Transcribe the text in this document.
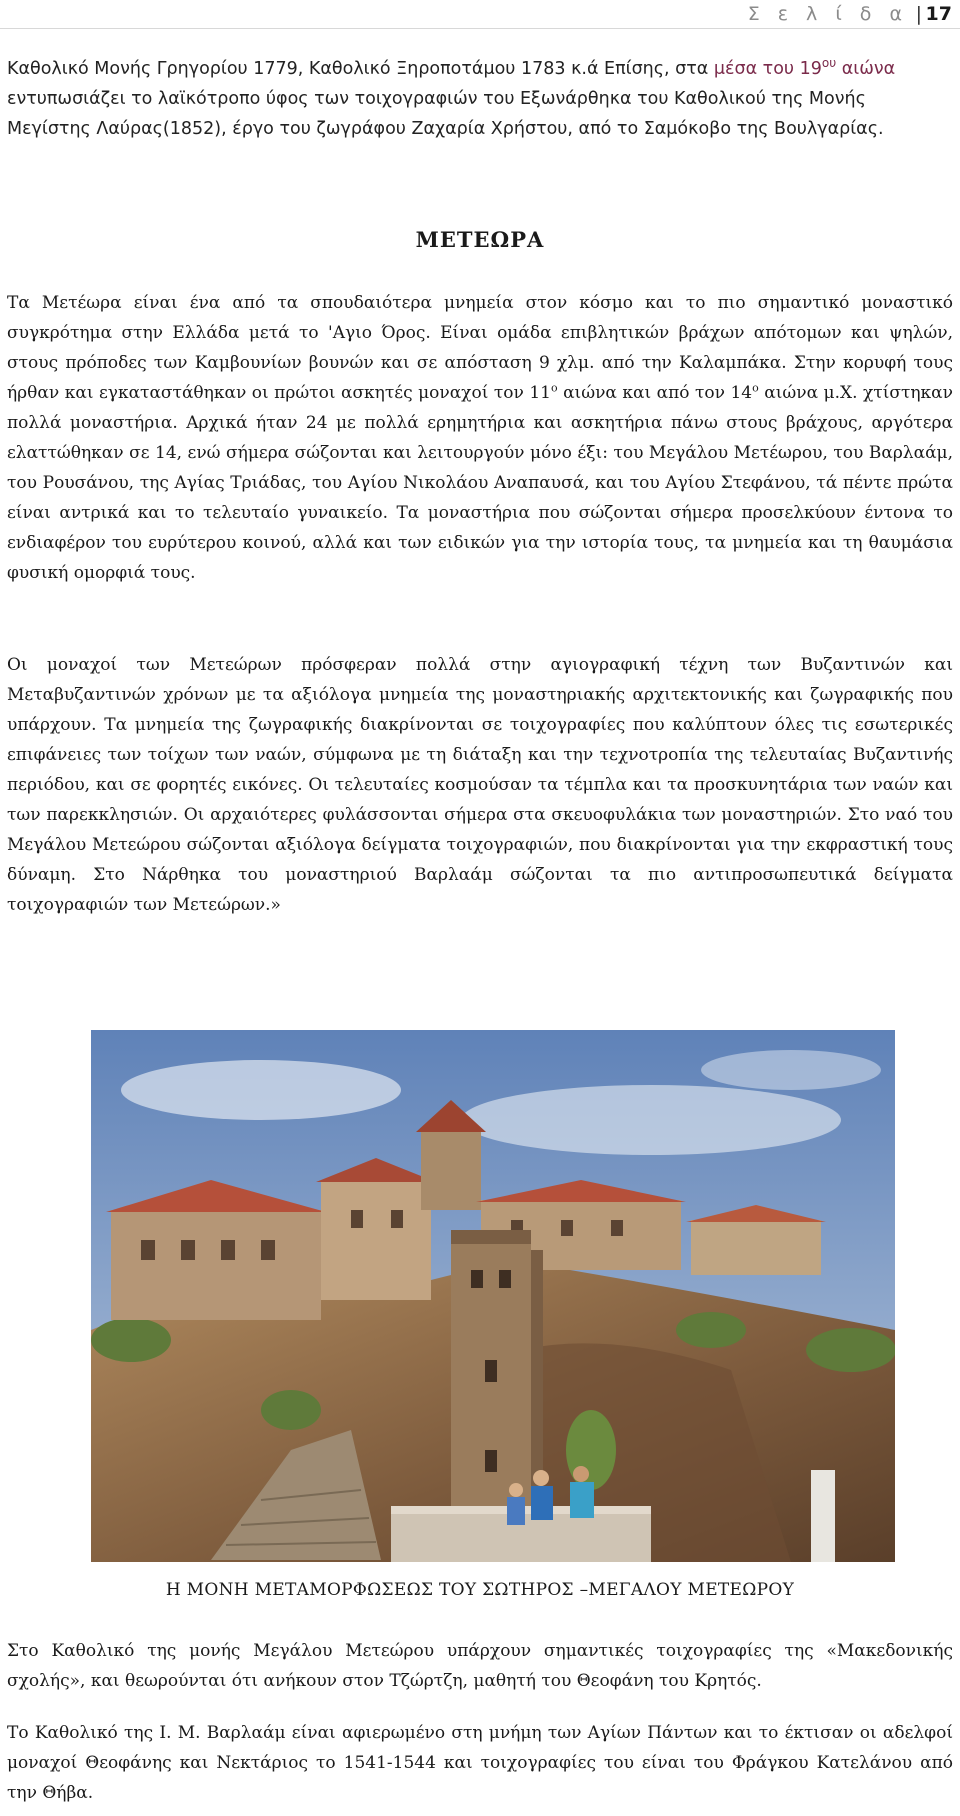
Σ ε λ ί δ α | 17

Καθολικό Μονής Γρηγορίου 1779, Καθολικό Ξηροποτάμου 1783 κ.ά Επίσης, στα μέσα του $19^{o\upsilon}$ αιώνα εντυπωσιάζει το λαϊκότροπο ύφος των τοιχογραφιών του Εξωνάρθηκα του Καθολικού της Μονής Μεγίστης Λαύρας(1852), έργο του ζωγράφου Ζαχαρία Χρήστου, από το Σαμόκοβο της Βουλγαρίας.

ΜΕΤΕΩΡΑ

Τα Μετέωρα είναι ένα από τα σπουδαιότερα μνημεία στον κόσμο και το πιο σημαντικό μοναστικό συγκρότημα στην Ελλάδα μετά το 'Αγιο Όρος. Είναι ομάδα επιβλητικών βράχων απότομων και ψηλών, στους πρόποδες των Καμβουνίων βουνών και σε απόσταση 9 χλμ. από την Καλαμπάκα. Στην κορυφή τους ήρθαν και εγκαταστάθηκαν οι πρώτοι ασκητές μοναχοί τον $11^o$ αιώνα και από τον $14^o$ αιώνα μ.Χ. χτίστηκαν πολλά μοναστήρια. Αρχικά ήταν 24 με πολλά ερημητήρια και ασκητήρια πάνω στους βράχους, αργότερα ελαττώθηκαν σε 14, ενώ σήμερα σώζονται και λειτουργούν μόνο έξι: του Μεγάλου Μετέωρου, του Βαρλαάμ, του Ρουσάνου, της Αγίας Τριάδας, του Αγίου Νικολάου Αναπαυσά, και του Αγίου Στεφάνου, τά πέντε πρώτα είναι αντρικά και το τελευταίο γυναικείο. Τα μοναστήρια που σώζονται σήμερα προσελκύουν έντονα το ενδιαφέρον του ευρύτερου κοινού, αλλά και των ειδικών για την ιστορία τους, τα μνημεία και τη θαυμάσια φυσική ομορφιά τους.

Οι μοναχοί των Μετεώρων πρόσφεραν πολλά στην αγιογραφική τέχνη των Βυζαντινών και Μεταβυζαντινών χρόνων με τα αξιόλογα μνημεία της μοναστηριακής αρχιτεκτονικής και ζωγραφικής που υπάρχουν. Τα μνημεία της ζωγραφικής διακρίνονται σε τοιχογραφίες που καλύπτουν όλες τις εσωτερικές επιφάνειες των τοίχων των ναών, σύμφωνα με τη διάταξη και την τεχνοτροπία της τελευταίας Βυζαντινής περιόδου, και σε φορητές εικόνες. Οι τελευταίες κοσμούσαν τα τέμπλα και τα προσκυνητάρια των ναών και των παρεκκλησιών. Οι αρχαιότερες φυλάσσονται σήμερα στα σκευοφυλάκια των μοναστηριών. Στο ναό του Μεγάλου Μετεώρου σώζονται αξιόλογα δείγματα τοιχογραφιών, που διακρίνονται για την εκφραστική τους δύναμη. Στο Νάρθηκα του μοναστηριού Βαρλαάμ σώζονται τα πιο αντιπροσωπευτικά δείγματα τοιχογραφιών των Μετεώρων.»

Η ΜΟΝΗ ΜΕΤΑΜΟΡΦΩΣΕΩΣ ΤΟΥ ΣΩΤΗΡΟΣ –ΜΕΓΑΛΟΥ ΜΕΤΕΩΡΟΥ

Στο Καθολικό της μονής Μεγάλου Μετεώρου υπάρχουν σημαντικές τοιχογραφίες της «Μακεδονικής σχολής», και θεωρούνται ότι ανήκουν στον Τζώρτζη, μαθητή του Θεοφάνη του Κρητός.

Το Καθολικό της Ι. Μ. Βαρλαάμ είναι αφιερωμένο στη μνήμη των Αγίων Πάντων και το έκτισαν οι αδελφοί μοναχοί Θεοφάνης και Νεκτάριος το 1541-1544 και τοιχογραφίες του είναι του Φράγκου Κατελάνου από την Θήβα.
